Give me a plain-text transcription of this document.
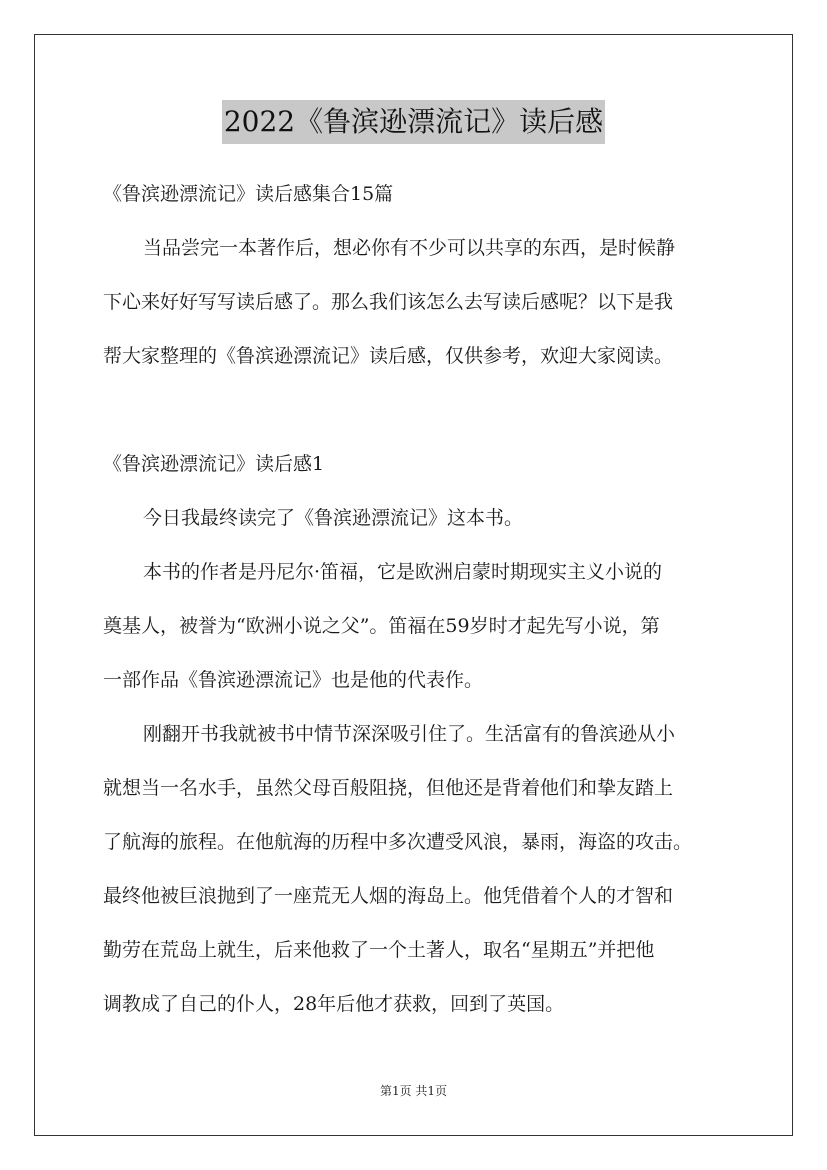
2022《鲁滨逊漂流记》读后感
《鲁滨逊漂流记》读后感集合15篇
当品尝完一本著作后，想必你有不少可以共享的东西，是时候静
下心来好好写写读后感了。那么我们该怎么去写读后感呢？以下是我
帮大家整理的《鲁滨逊漂流记》读后感，仅供参考，欢迎大家阅读。
《鲁滨逊漂流记》读后感1
今日我最终读完了《鲁滨逊漂流记》这本书。
本书的作者是丹尼尔·笛福，它是欧洲启蒙时期现实主义小说的
奠基人，被誉为“欧洲小说之父”。笛福在59岁时才起先写小说，第
一部作品《鲁滨逊漂流记》也是他的代表作。
刚翻开书我就被书中情节深深吸引住了。生活富有的鲁滨逊从小
就想当一名水手，虽然父母百般阻挠，但他还是背着他们和挚友踏上
了航海的旅程。在他航海的历程中多次遭受风浪，暴雨，海盗的攻击。
最终他被巨浪抛到了一座荒无人烟的海岛上。他凭借着个人的才智和
勤劳在荒岛上就生，后来他救了一个土著人，取名“星期五”并把他
调教成了自己的仆人，28年后他才获救，回到了英国。
第1页 共1页
